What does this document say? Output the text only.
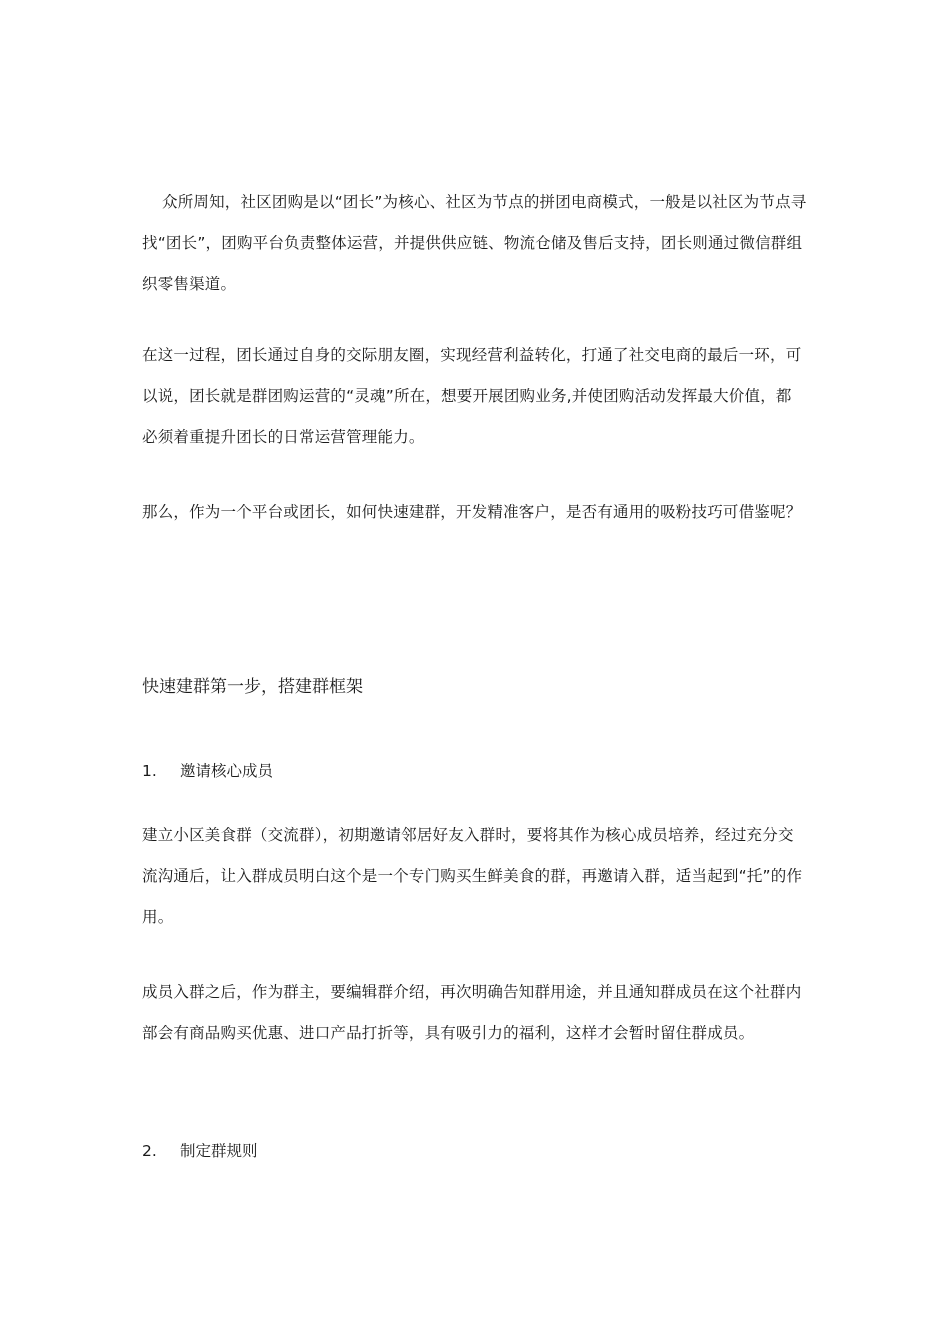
众所周知，社区团购是以“团长”为核心、社区为节点的拼团电商模式，一般是以社区为节点寻找“团长”，团购平台负责整体运营，并提供供应链、物流仓储及售后支持，团长则通过微信群组织零售渠道。

在这一过程，团长通过自身的交际朋友圈，实现经营利益转化，打通了社交电商的最后一环，可以说，团长就是群团购运营的“灵魂”所在，想要开展团购业务,并使团购活动发挥最大价值，都必须着重提升团长的日常运营管理能力。

那么，作为一个平台或团长，如何快速建群，开发精准客户，是否有通用的吸粉技巧可借鉴呢？

快速建群第一步，搭建群框架
1.	邀请核心成员

建立小区美食群（交流群），初期邀请邻居好友入群时，要将其作为核心成员培养，经过充分交流沟通后，让入群成员明白这个是一个专门购买生鲜美食的群，再邀请入群，适当起到“托”的作用。

成员入群之后，作为群主，要编辑群介绍，再次明确告知群用途，并且通知群成员在这个社群内部会有商品购买优惠、进口产品打折等，具有吸引力的福利，这样才会暂时留住群成员。

2.	制定群规则
